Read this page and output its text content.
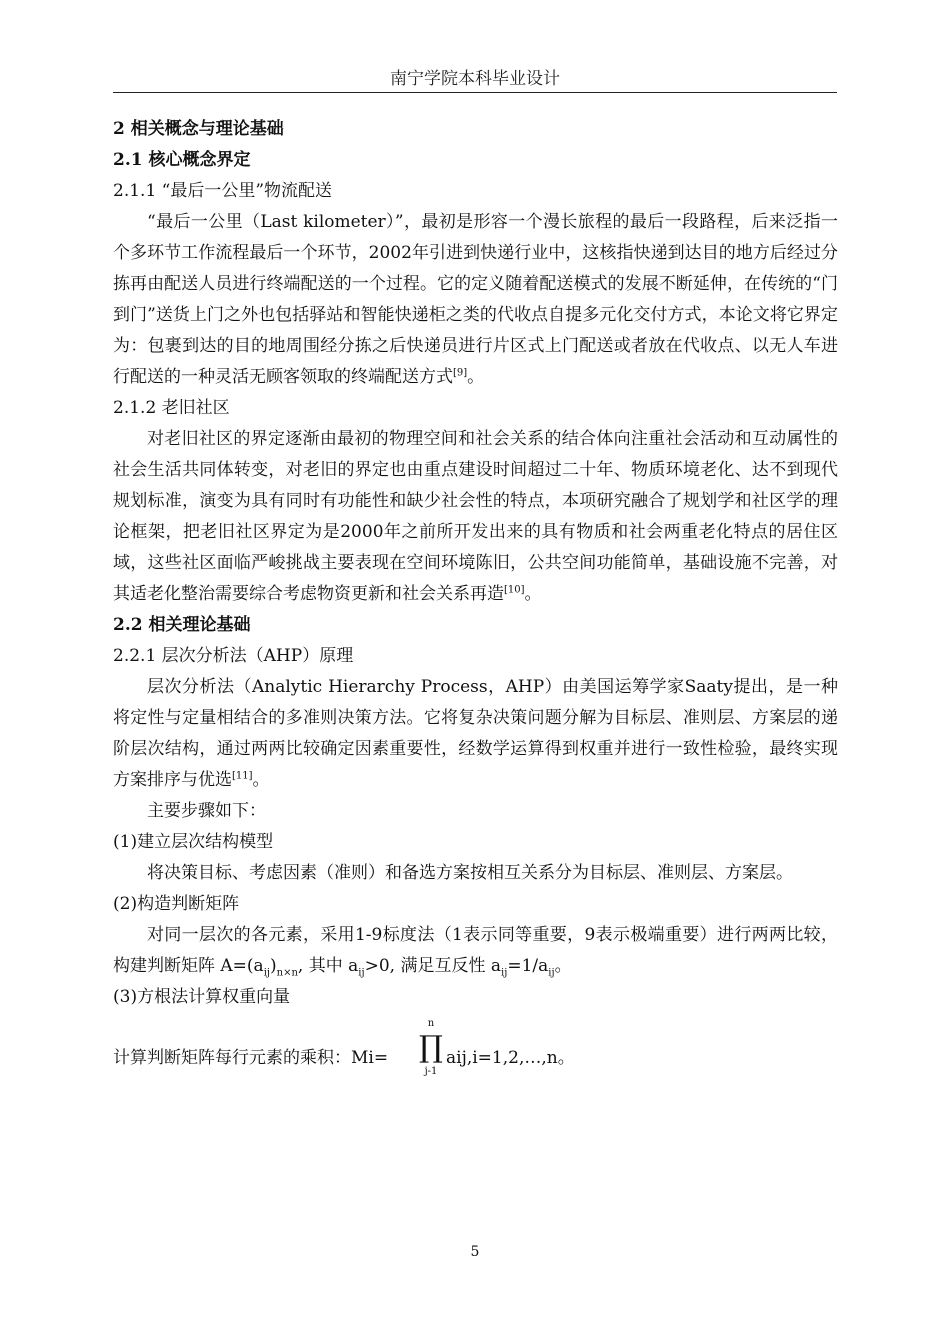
南宁学院本科毕业设计
2 相关概念与理论基础
2.1 核心概念界定
2.1.1 “最后一公里”物流配送

“最后一公里（Last kilometer）”，最初是形容一个漫长旅程的最后一段路程，后来泛指一个多环节工作流程最后一个环节，2002年引进到快递行业中，这核指快递到达目的地方后经过分拣再由配送人员进行终端配送的一个过程。它的定义随着配送模式的发展不断延伸，在传统的“门到门”送货上门之外也包括驿站和智能快递柜之类的代收点自提多元化交付方式，本论文将它界定为：包裹到达的目的地周围经分拣之后快递员进行片区式上门配送或者放在代收点、以无人车进行配送的一种灵活无顾客领取的终端配送方式[9]。

2.1.2 老旧社区

对老旧社区的界定逐渐由最初的物理空间和社会关系的结合体向注重社会活动和互动属性的社会生活共同体转变，对老旧的界定也由重点建设时间超过二十年、物质环境老化、达不到现代规划标准，演变为具有同时有功能性和缺少社会性的特点，本项研究融合了规划学和社区学的理论框架，把老旧社区界定为是2000年之前所开发出来的具有物质和社会两重老化特点的居住区域，这些社区面临严峻挑战主要表现在空间环境陈旧，公共空间功能简单，基础设施不完善，对其适老化整治需要综合考虑物资更新和社会关系再造[10]。

2.2 相关理论基础
2.2.1 层次分析法（AHP）原理

层次分析法（Analytic Hierarchy Process，AHP）由美国运筹学家Saaty提出，是一种将定性与定量相结合的多准则决策方法。它将复杂决策问题分解为目标层、准则层、方案层的递阶层次结构，通过两两比较确定因素重要性，经数学运算得到权重并进行一致性检验，最终实现方案排序与优选[11]。

主要步骤如下：

(1)建立层次结构模型

将决策目标、考虑因素（准则）和备选方案按相互关系分为目标层、准则层、方案层。

(2)构造判断矩阵

对同一层次的各元素，采用1-9标度法（1表示同等重要，9表示极端重要）进行两两比较，构建判断矩阵 $A=(a_{ij})_{n\times n}$, 其中 $a_{ij}>0$, 满足互反性 $a_{ij}=1/a_{ij}$。

(3)方根法计算权重向量
计算判断矩阵每行元素的乘积：Mi=
n
∏
j-1
aij,i=1,2,…,n。
5
